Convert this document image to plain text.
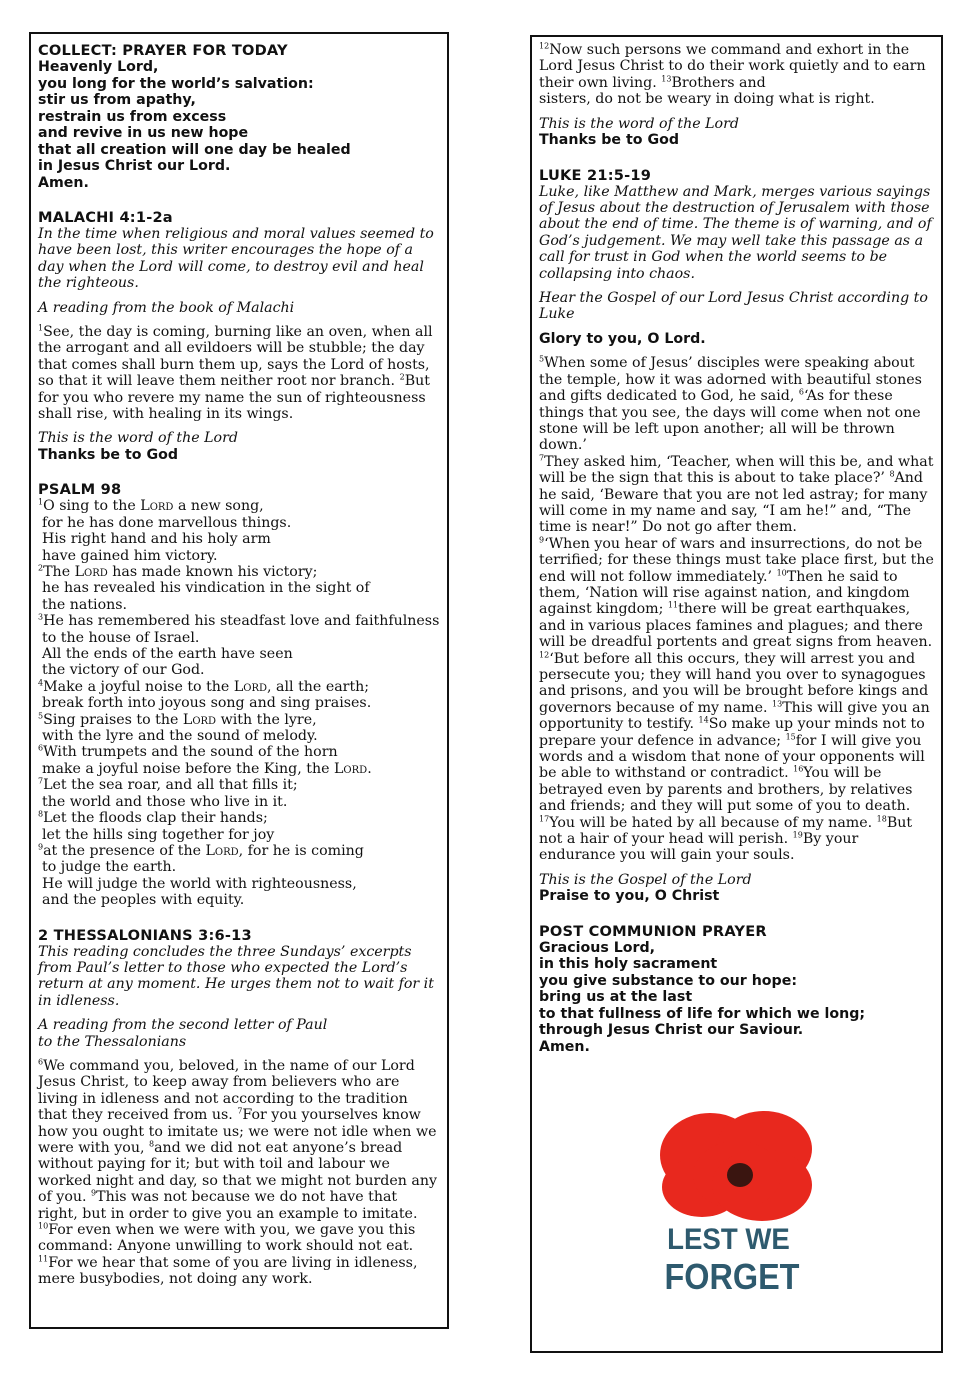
COLLECT: PRAYER FOR TODAY
Heavenly Lord,
you long for the world’s salvation:
stir us from apathy,
restrain us from excess
and revive in us new hope
that all creation will one day be healed
in Jesus Christ our Lord.
Amen.
MALACHI 4:1-2a
In the time when religious and moral values seemed to have been lost, this writer encourages the hope of a day when the Lord will come, to destroy evil and heal the righteous.
A reading from the book of Malachi
$^1$See, the day is coming, burning like an oven, when all the arrogant and all evildoers will be stubble; the day that comes shall burn them up, says the Lord of hosts, so that it will leave them neither root nor branch. $^2$But for you who revere my name the sun of righteousness shall rise, with healing in its wings.
This is the word of the Lord
Thanks be to God
PSALM 98
$^1$O sing to the Lord a new song,
for he has done marvellous things.
His right hand and his holy arm
have gained him victory.
$^2$The Lord has made known his victory;
he has revealed his vindication in the sight of
the nations.
$^3$He has remembered his steadfast love and faithfulness
to the house of Israel.
All the ends of the earth have seen
the victory of our God.
$^4$Make a joyful noise to the Lord, all the earth;
break forth into joyous song and sing praises.
$^5$Sing praises to the Lord with the lyre,
with the lyre and the sound of melody.
$^6$With trumpets and the sound of the horn
make a joyful noise before the King, the Lord.
$^7$Let the sea roar, and all that fills it;
the world and those who live in it.
$^8$Let the floods clap their hands;
let the hills sing together for joy
$^9$at the presence of the Lord, for he is coming
to judge the earth.
He will judge the world with righteousness,
and the peoples with equity.
2 THESSALONIANS 3:6-13
This reading concludes the three Sundays’ excerpts from Paul’s letter to those who expected the Lord’s return at any moment. He urges them not to wait for it in idleness.
A reading from the second letter of Paul
to the Thessalonians
$^6$We command you, beloved, in the name of our Lord Jesus Christ, to keep away from believers who are living in idleness and not according to the tradition that they received from us. $^7$For you yourselves know how you ought to imitate us; we were not idle when we were with you, $^8$and we did not eat anyone’s bread without paying for it; but with toil and labour we worked night and day, so that we might not burden any of you. $^9$This was not because we do not have that right, but in order to give you an example to imitate. $^{10}$For even when we were with you, we gave you this command: Anyone unwilling to work should not eat. $^{11}$For we hear that some of you are living in idleness, mere busybodies, not doing any work.
$^{12}$Now such persons we command and exhort in the Lord Jesus Christ to do their work quietly and to earn their own living. $^{13}$Brothers and
sisters, do not be weary in doing what is right.
This is the word of the Lord
Thanks be to God
LUKE 21:5-19
Luke, like Matthew and Mark, merges various sayings of Jesus about the destruction of Jerusalem with those about the end of time. The theme is of warning, and of God’s judgement. We may well take this passage as a call for trust in God when the world seems to be collapsing into chaos.
Hear the Gospel of our Lord Jesus Christ according to Luke
Glory to you, O Lord.
$^5$When some of Jesus’ disciples were speaking about the temple, how it was adorned with beautiful stones and gifts dedicated to God, he said, $^6$‘As for these things that you see, the days will come when not one stone will be left upon another; all will be thrown down.’
$^7$They asked him, ‘Teacher, when will this be, and what will be the sign that this is about to take place?’ $^8$And he said, ‘Beware that you are not led astray; for many will come in my name and say, “I am he!” and, “The time is near!” Do not go after them.
$^9$‘When you hear of wars and insurrections, do not be terrified; for these things must take place first, but the end will not follow immediately.’ $^{10}$Then he said to them, ‘Nation will rise against nation, and kingdom against kingdom; $^{11}$there will be great earthquakes, and in various places famines and plagues; and there will be dreadful portents and great signs from heaven.
$^{12}$‘But before all this occurs, they will arrest you and persecute you; they will hand you over to synagogues and prisons, and you will be brought before kings and governors because of my name. $^{13}$This will give you an opportunity to testify. $^{14}$So make up your minds not to prepare your defence in advance; $^{15}$for I will give you words and a wisdom that none of your opponents will be able to withstand or contradict. $^{16}$You will be betrayed even by parents and brothers, by relatives and friends; and they will put some of you to death.
$^{17}$You will be hated by all because of my name. $^{18}$But not a hair of your head will perish. $^{19}$By your endurance you will gain your souls.
This is the Gospel of the Lord
Praise to you, O Christ
POST COMMUNION PRAYER
Gracious Lord,
in this holy sacrament
you give substance to our hope:
bring us at the last
to that fullness of life for which we long;
through Jesus Christ our Saviour.
Amen.
LEST WE
FORGET
